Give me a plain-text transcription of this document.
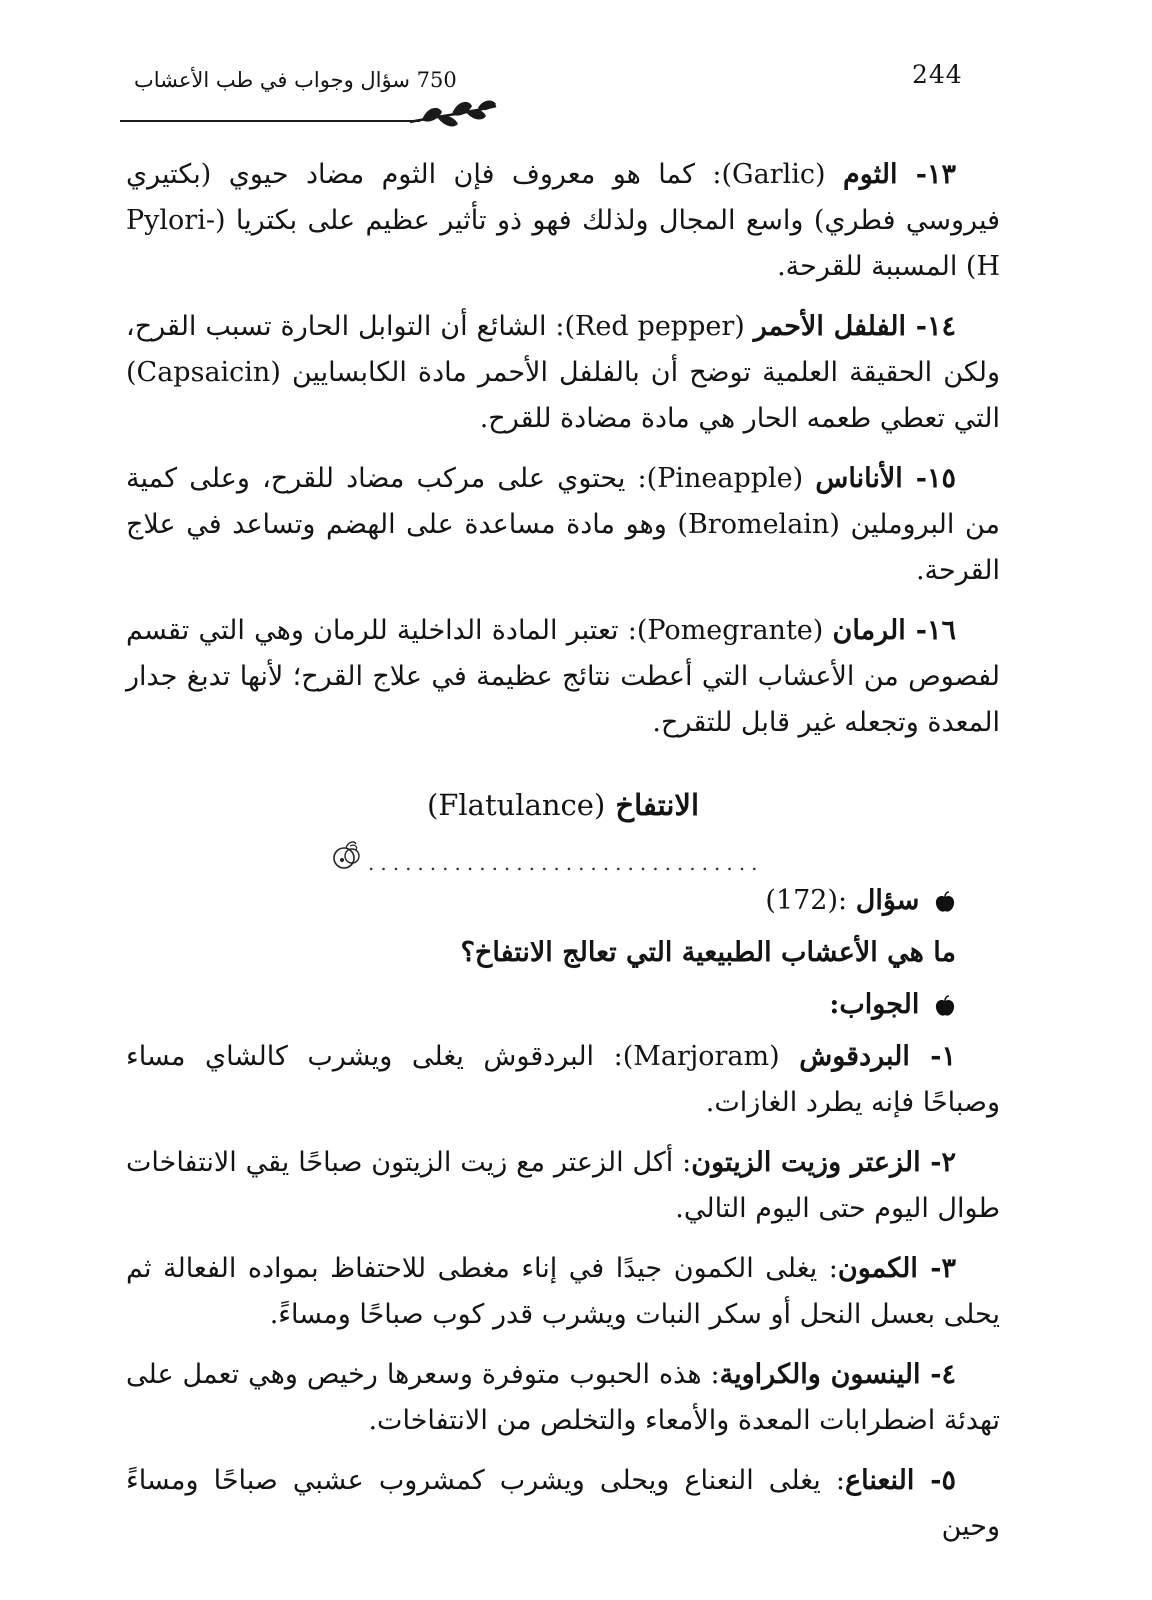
244
750 سؤال وجواب في طب الأعشاب

١٣- الثوم (Garlic): كما هو معروف فإن الثوم مضاد حيوي (بكتيري فيروسي فطري) واسع المجال ولذلك فهو ذو تأثير عظيم على بكتريا (Pylori-H) المسببة للقرحة.

١٤- الفلفل الأحمر (Red pepper): الشائع أن التوابل الحارة تسبب القرح، ولكن الحقيقة العلمية توضح أن بالفلفل الأحمر مادة الكابسايين (Capsaicin) التي تعطي طعمه الحار هي مادة مضادة للقرح.

١٥- الأناناس (Pineapple): يحتوي على مركب مضاد للقرح، وعلى كمية من البروملين (Bromelain) وهو مادة مساعدة على الهضم وتساعد في علاج القرحة.

١٦- الرمان (Pomegrante): تعتبر المادة الداخلية للرمان وهي التي تقسم لفصوص من الأعشاب التي أعطت نتائج عظيمة في علاج القرح؛ لأنها تدبغ جدار المعدة وتجعله غير قابل للتقرح.

الانتفاخ (Flatulance)
................................
سؤال (172):
ما هي الأعشاب الطبيعية التي تعالج الانتفاخ؟
الجواب:

١- البردقوش (Marjoram): البردقوش يغلى ويشرب كالشاي مساء وصباحًا فإنه يطرد الغازات.

٢- الزعتر وزيت الزيتون: أكل الزعتر مع زيت الزيتون صباحًا يقي الانتفاخات طوال اليوم حتى اليوم التالي.

٣- الكمون: يغلى الكمون جيدًا في إناء مغطى للاحتفاظ بمواده الفعالة ثم يحلى بعسل النحل أو سكر النبات ويشرب قدر كوب صباحًا ومساءً.

٤- الينسون والكراوية: هذه الحبوب متوفرة وسعرها رخيص وهي تعمل على تهدئة اضطرابات المعدة والأمعاء والتخلص من الانتفاخات.

٥- النعناع: يغلى النعناع ويحلى ويشرب كمشروب عشبي صباحًا ومساءً وحين
